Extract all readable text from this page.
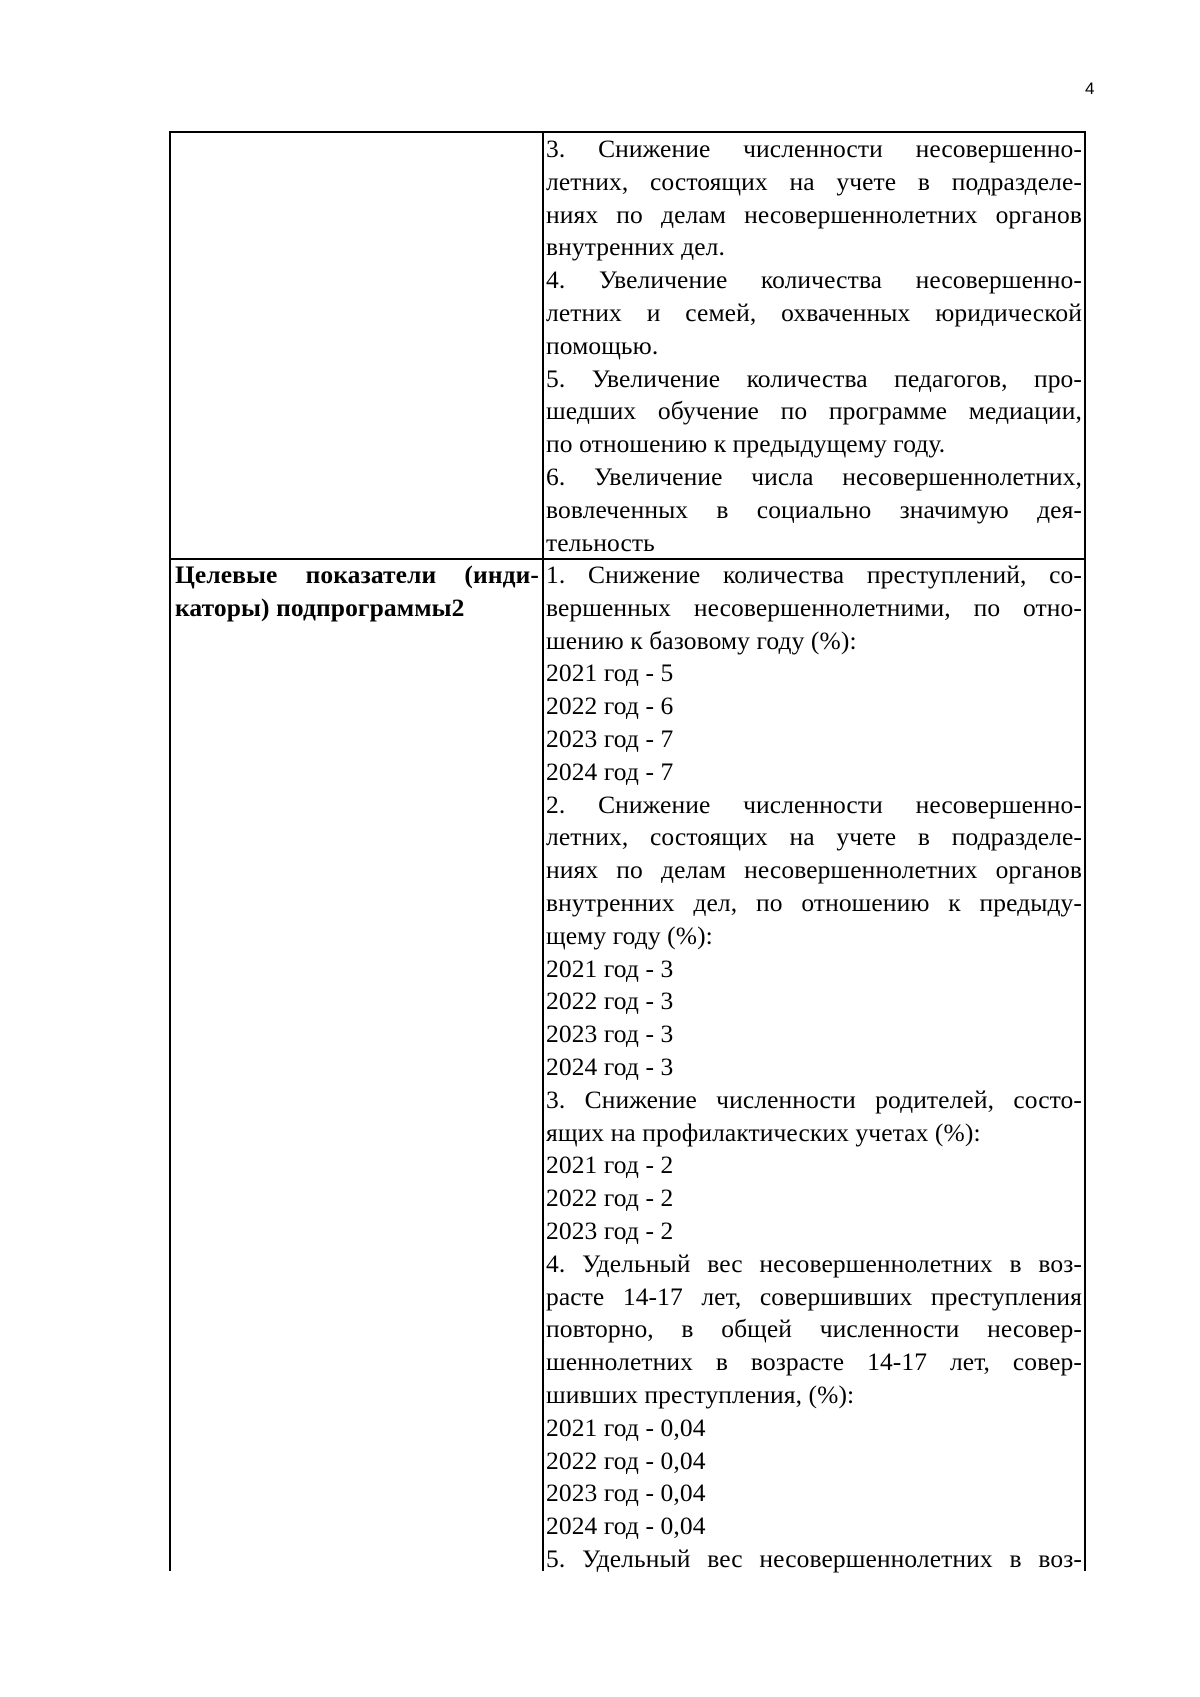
4
3. Снижение численности несовершенно-
летних, состоящих на учете в подразделе-
ниях по делам несовершеннолетних органов
внутренних дел.
4. Увеличение количества несовершенно-
летних и семей, охваченных юридической
помощью.
5. Увеличение количества педагогов, про-
шедших обучение по программе медиации,
по отношению к предыдущему году.
6. Увеличение числа несовершеннолетних,
вовлеченных в социально значимую дея-
тельность
Целевые показатели (инди-
каторы) подпрограммы2
1. Снижение количества преступлений, со-
вершенных несовершеннолетними, по отно-
шению к базовому году (%):
2021 год - 5
2022 год - 6
2023 год - 7
2024 год - 7
2. Снижение численности несовершенно-
летних, состоящих на учете в подразделе-
ниях по делам несовершеннолетних органов
внутренних дел, по отношению к предыду-
щему году (%):
2021 год - 3
2022 год - 3
2023 год - 3
2024 год - 3
3. Снижение численности родителей, состо-
ящих на профилактических учетах (%):
2021 год - 2
2022 год - 2
2023 год - 2
4. Удельный вес несовершеннолетних в воз-
расте 14-17 лет, совершивших преступления
повторно, в общей численности несовер-
шеннолетних в возрасте 14-17 лет, совер-
шивших преступления, (%):
2021 год - 0,04
2022 год - 0,04
2023 год - 0,04
2024 год - 0,04
5. Удельный вес несовершеннолетних в воз-
